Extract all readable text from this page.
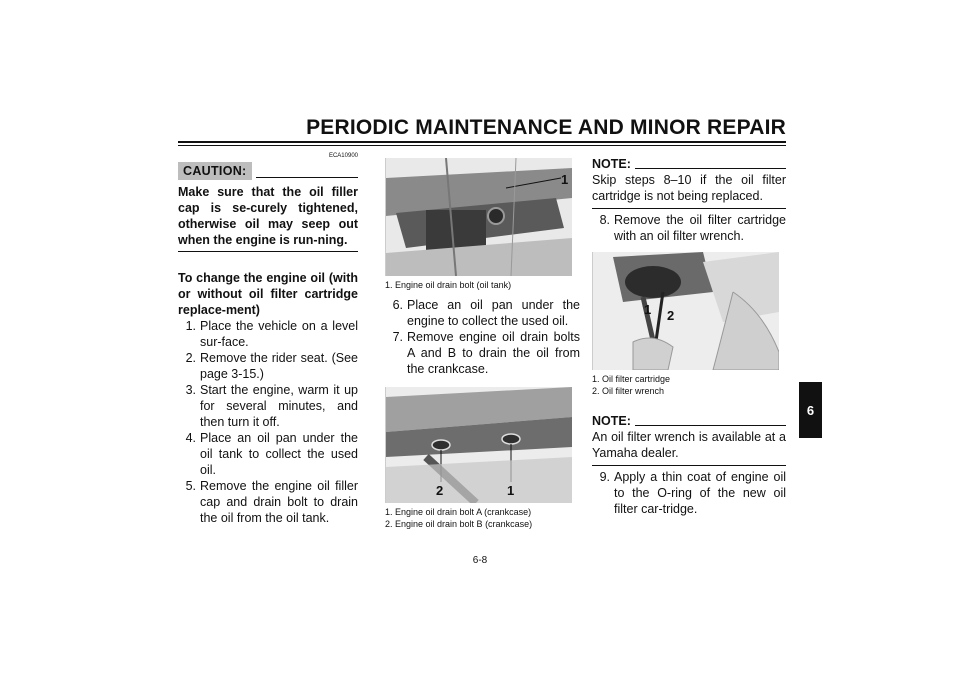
PERIODIC MAINTENANCE AND MINOR REPAIR
6
ECA10900
CAUTION:
Make sure that the oil filler cap is se-curely tightened, otherwise oil may seep out when the engine is run-ning.
To change the engine oil (with or without oil filter cartridge replace-ment)
1. Place the vehicle on a level sur-face.
2. Remove the rider seat. (See page 3-15.)
3. Start the engine, warm it up for several minutes, and then turn it off.
4. Place an oil pan under the oil tank to collect the used oil.
5. Remove the engine oil filler cap and drain bolt to drain the oil from the oil tank.
1
1. Engine oil drain bolt (oil tank)
6. Place an oil pan under the engine to collect the used oil.
7. Remove engine oil drain bolts A and B to drain the oil from the crankcase.
2	1
1. Engine oil drain bolt A (crankcase)
2. Engine oil drain bolt B (crankcase)
NOTE:
Skip steps 8–10 if the oil filter cartridge is not being replaced.
8. Remove the oil filter cartridge with an oil filter wrench.
1 2
1. Oil filter cartridge
2. Oil filter wrench
NOTE:
An oil filter wrench is available at a Yamaha dealer.
9. Apply a thin coat of engine oil to the O-ring of the new oil filter car-tridge.
6-8
